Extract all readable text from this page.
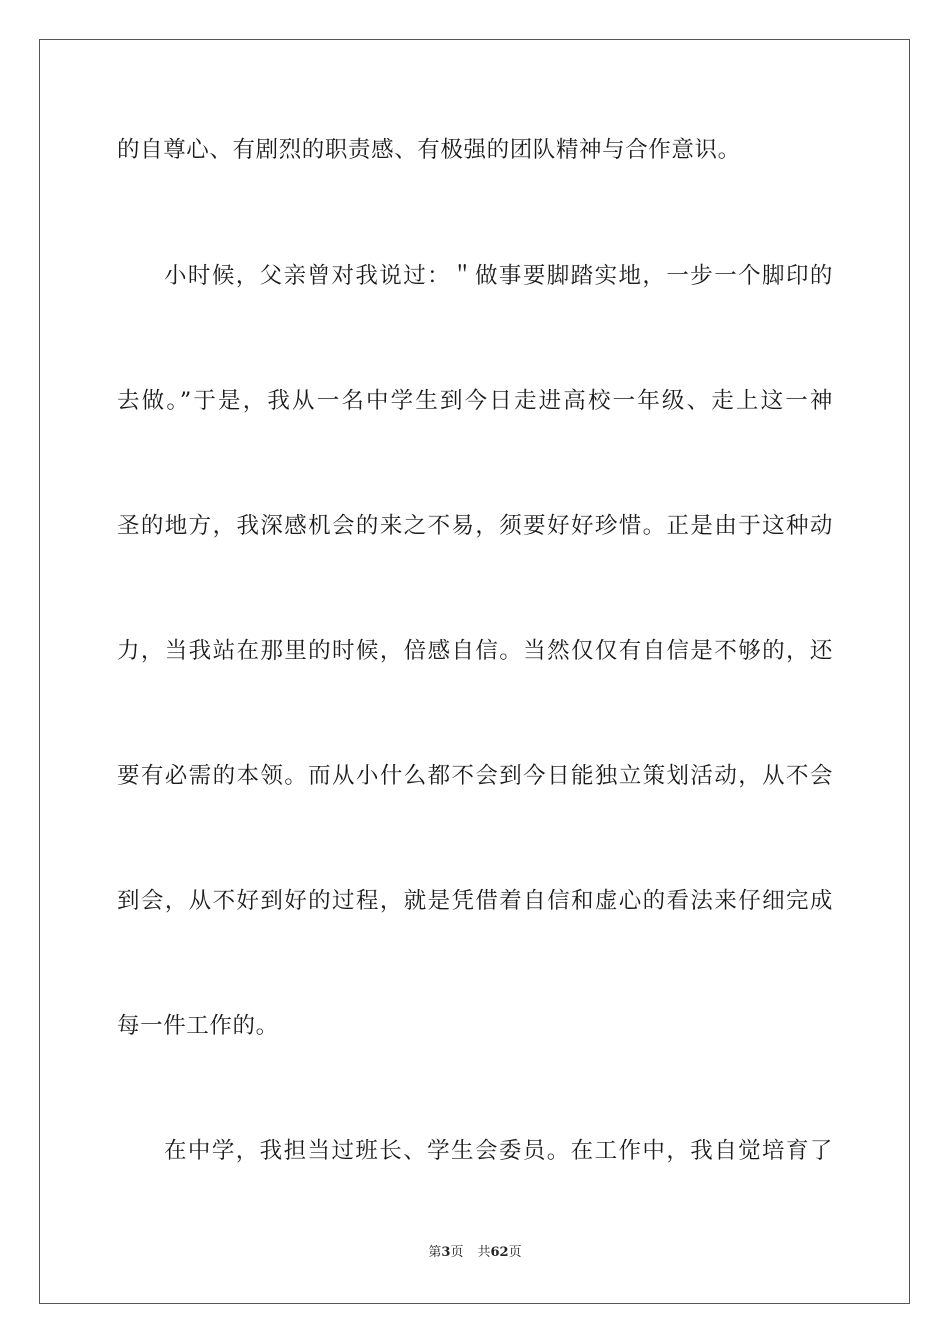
的自尊心、有剧烈的职责感、有极强的团队精神与合作意识。
小时候，父亲曾对我说过：＂做事要脚踏实地，一步一个脚印的
去做。”于是，我从一名中学生到今日走进高校一年级、走上这一神
圣的地方，我深感机会的来之不易，须要好好珍惜。正是由于这种动
力，当我站在那里的时候，倍感自信。当然仅仅有自信是不够的，还
要有必需的本领。而从小什么都不会到今日能独立策划活动，从不会
到会，从不好到好的过程，就是凭借着自信和虚心的看法来仔细完成
每一件工作的。
在中学，我担当过班长、学生会委员。在工作中，我自觉培育了
第3页 共62页
